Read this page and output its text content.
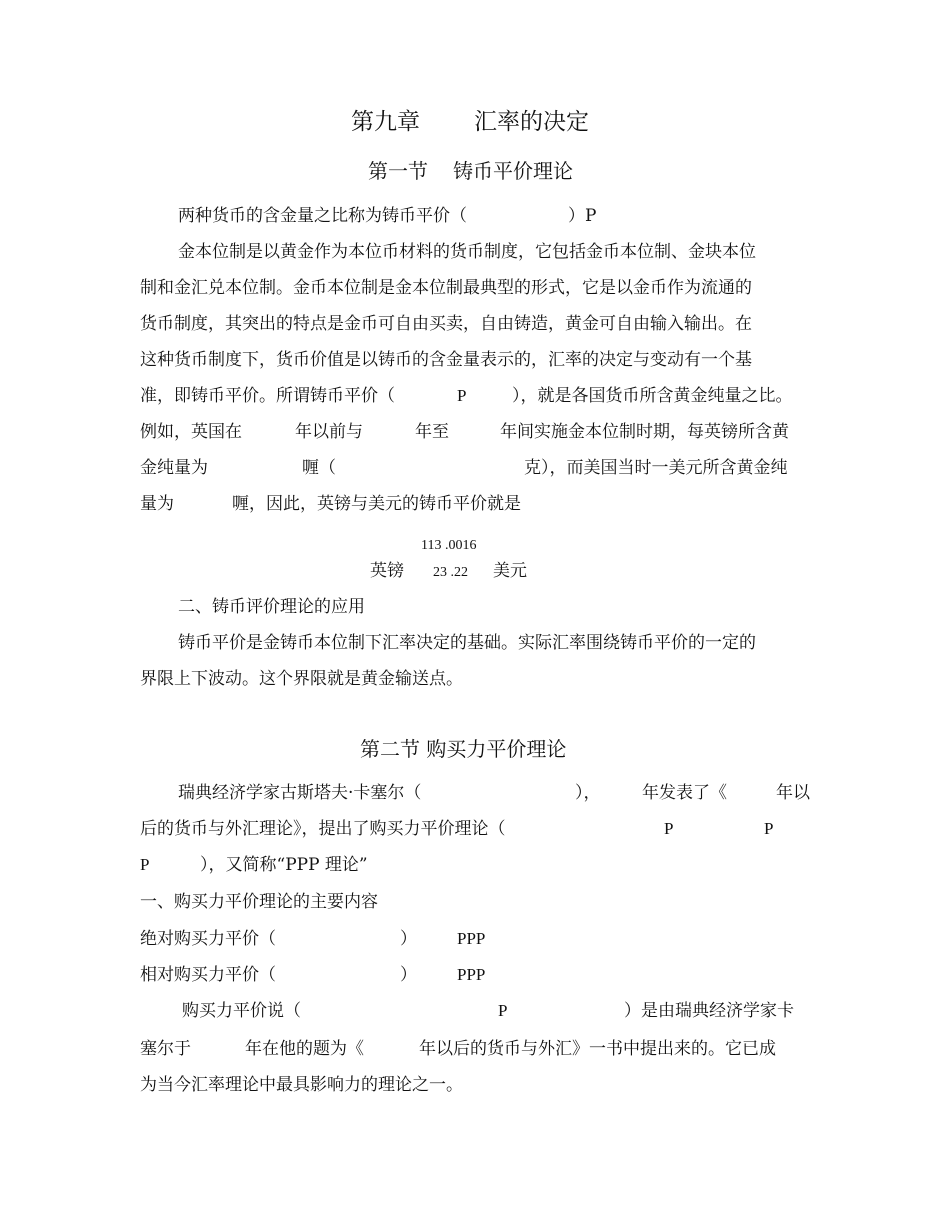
第九章 汇率的决定
第一节 铸币平价理论
两种货币的含金量之比称为铸币平价（	）P
金本位制是以黄金作为本位币材料的货币制度，它包括金币本位制、金块本位
制和金汇兑本位制。金币本位制是金本位制最典型的形式，它是以金币作为流通的
货币制度，其突出的特点是金币可自由买卖，自由铸造，黄金可自由输入输出。在
这种货币制度下，货币价值是以铸币的含金量表示的，汇率的决定与变动有一个基
准，即铸币平价。所谓铸币平价（	P	），就是各国货币所含黄金纯量之比。
例如，英国在	年以前与	年至	年间实施金本位制时期，每英镑所含黄
金纯量为	喱（	克），而美国当时一美元所含黄金纯
量为	喱，因此，英镑与美元的铸币平价就是
113 .0016
英镑 23 .22 美元
二、铸币评价理论的应用
铸币平价是金铸币本位制下汇率决定的基础。实际汇率围绕铸币平价的一定的
界限上下波动。这个界限就是黄金输送点。
第二节 购买力平价理论
瑞典经济学家古斯塔夫·卡塞尔（	）， 年发表了《	年以
后的货币与外汇理论》，提出了购买力平价理论（	P	P
P	），又简称“PPP 理论”
一、购买力平价理论的主要内容
绝对购买力平价（	） PPP
相对购买力平价（	） PPP
购买力平价说（	P	）是由瑞典经济学家卡
塞尔于	年在他的题为《	年以后的货币与外汇》一书中提出来的。它已成
为当今汇率理论中最具影响力的理论之一。
